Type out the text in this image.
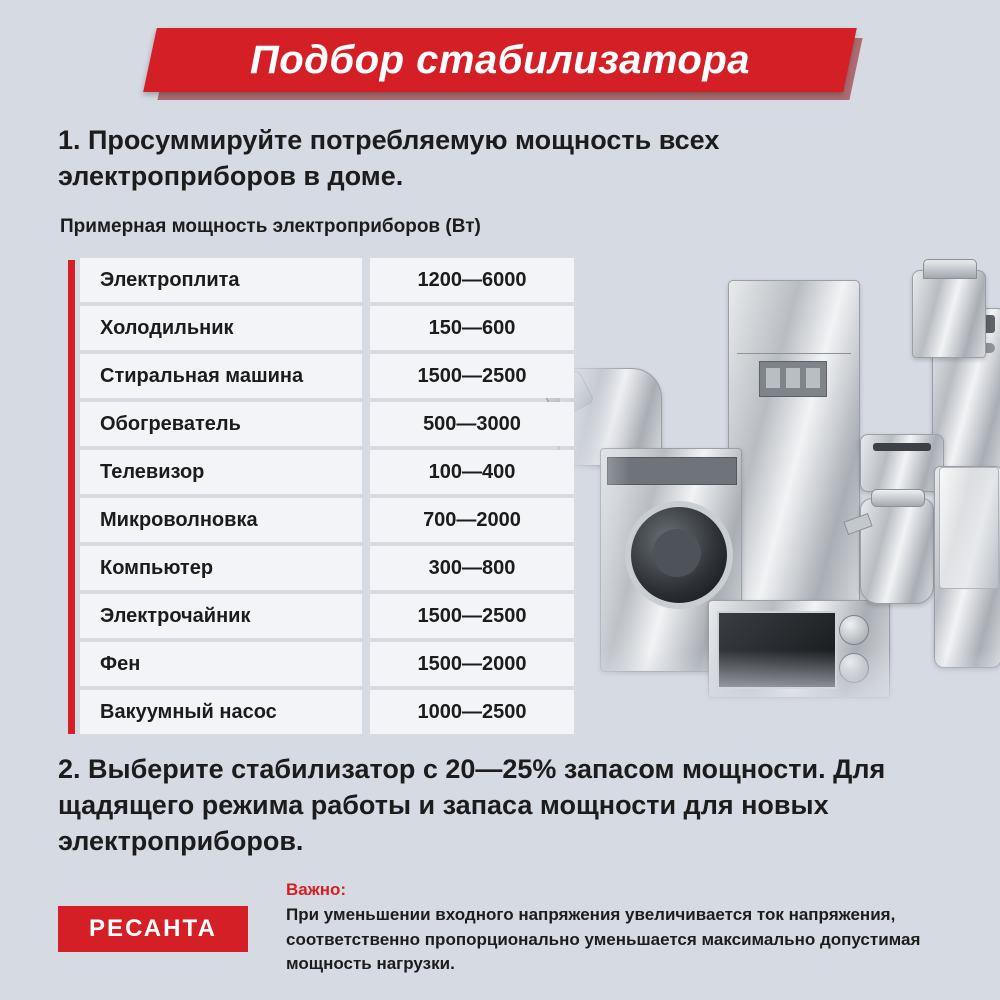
Подбор стабилизатора
1. Просуммируйте потребляемую мощность всех электроприборов в доме.
Примерная мощность электроприборов (Вт)
Электроплита	1200—6000
Холодильник	150—600
Стиральная машина	1500—2500
Обогреватель	500—3000
Телевизор	100—400
Микроволновка	700—2000
Компьютер	300—800
Электрочайник	1500—2500
Фен	1500—2000
Вакуумный насос	1000—2500
2. Выберите стабилизатор с 20—25% запасом мощности. Для щадящего режима работы и запаса мощности для новых электроприборов.
РЕСАНТА
Важно:
При уменьшении входного напряжения увеличивается ток напряжения, соответственно пропорционально уменьшается максимально допустимая мощность нагрузки.
